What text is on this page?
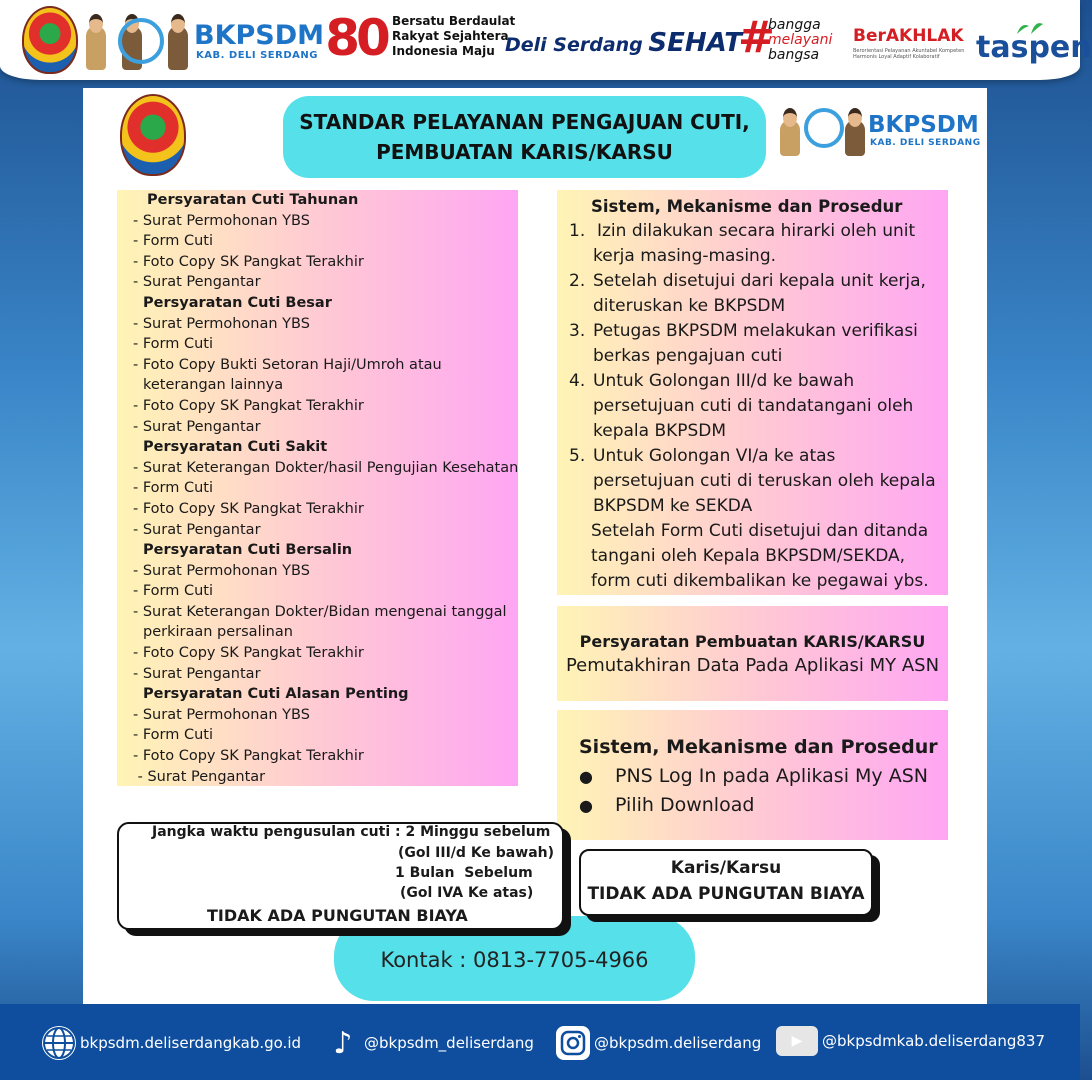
BKPSDM
KAB. DELI SERDANG 80 Bersatu Berdaulat
Rakyat Sejahtera
Indonesia Maju Deli Serdang SEHAT
#
bangga
melayani
bangsa
BerAKHLAK
Berorientasi Pelayanan Akuntabel Kompeten Harmonis Loyal Adaptif Kolaboratif	taspen
STANDAR PELAYANAN PENGAJUAN CUTI,
PEMBUATAN KARIS/KARSU
BKPSDM
KAB. DELI SERDANG
Persyaratan Cuti Tahunan
- Surat Permohonan YBS
- Form Cuti
- Foto Copy SK Pangkat Terakhir
- Surat Pengantar
Persyaratan Cuti Besar
- Surat Permohonan YBS
- Form Cuti
- Foto Copy Bukti Setoran Haji/Umroh atau
keterangan lainnya
- Foto Copy SK Pangkat Terakhir
- Surat Pengantar
Persyaratan Cuti Sakit
- Surat Keterangan Dokter/hasil Pengujian Kesehatan
- Form Cuti
- Foto Copy SK Pangkat Terakhir
- Surat Pengantar
Persyaratan Cuti Bersalin
- Surat Permohonan YBS
- Form Cuti
- Surat Keterangan Dokter/Bidan mengenai tanggal
perkiraan persalinan
- Foto Copy SK Pangkat Terakhir
- Surat Pengantar
Persyaratan Cuti Alasan Penting
- Surat Permohonan YBS
- Form Cuti
- Foto Copy SK Pangkat Terakhir
- Surat Pengantar
Sistem, Mekanisme dan Prosedur
1. Izin dilakukan secara hirarki oleh unit
kerja masing-masing.
2. Setelah disetujui dari kepala unit kerja,
diteruskan ke BKPSDM
3. Petugas BKPSDM melakukan verifikasi
berkas pengajuan cuti
4. Untuk Golongan III/d ke bawah
persetujuan cuti di tandatangani oleh
kepala BKPSDM
5. Untuk Golongan VI/a ke atas
persetujuan cuti di teruskan oleh kepala
BKPSDM ke SEKDA
Setelah Form Cuti disetujui dan ditanda
tangani oleh Kepala BKPSDM/SEKDA,
form cuti dikembalikan ke pegawai ybs.
Persyaratan Pembuatan KARIS/KARSU
Pemutakhiran Data Pada Aplikasi MY ASN
Sistem, Mekanisme dan Prosedur
●	PNS Log In pada Aplikasi My ASN
●	Pilih Download
Kontak : 0813-7705-4966
Jangka waktu pengusulan cuti : 2 Minggu sebelum
(Gol III/d Ke bawah)
1 Bulan  Sebelum
(Gol IVA Ke atas)
TIDAK ADA PUNGUTAN BIAYA
Karis/Karsu
TIDAK ADA PUNGUTAN BIAYA
bkpsdm.deliserdangkab.go.id ♪ @bkpsdm_deliserdang	@bkpsdm.deliserdang	▶	@bkpsdmkab.deliserdang837
